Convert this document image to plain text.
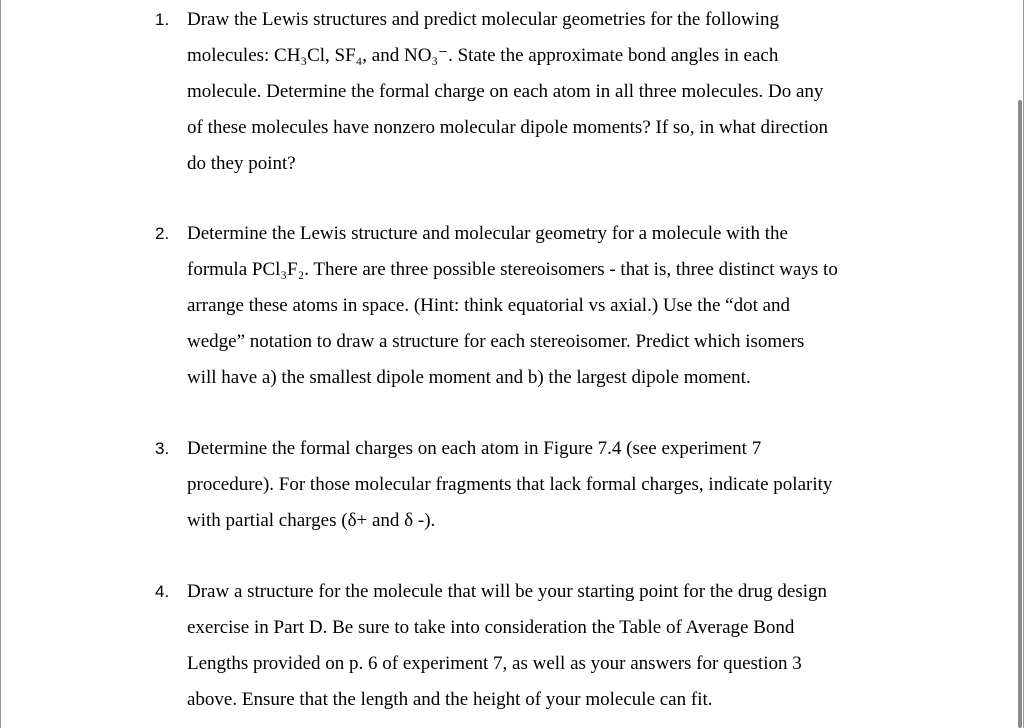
1. Draw the Lewis structures and predict molecular geometries for the following
molecules: CH₃Cl, SF₄, and NO₃⁻. State the approximate bond angles in each
molecule. Determine the formal charge on each atom in all three molecules. Do any
of these molecules have nonzero molecular dipole moments? If so, in what direction
do they point?
2. Determine the Lewis structure and molecular geometry for a molecule with the
formula PCl₃F₂. There are three possible stereoisomers - that is, three distinct ways to
arrange these atoms in space. (Hint: think equatorial vs axial.) Use the “dot and
wedge” notation to draw a structure for each stereoisomer. Predict which isomers
will have a) the smallest dipole moment and b) the largest dipole moment.
3. Determine the formal charges on each atom in Figure 7.4 (see experiment 7
procedure). For those molecular fragments that lack formal charges, indicate polarity
with partial charges (δ+ and δ -).
4. Draw a structure for the molecule that will be your starting point for the drug design
exercise in Part D. Be sure to take into consideration the Table of Average Bond
Lengths provided on p. 6 of experiment 7, as well as your answers for question 3
above. Ensure that the length and the height of your molecule can fit.
